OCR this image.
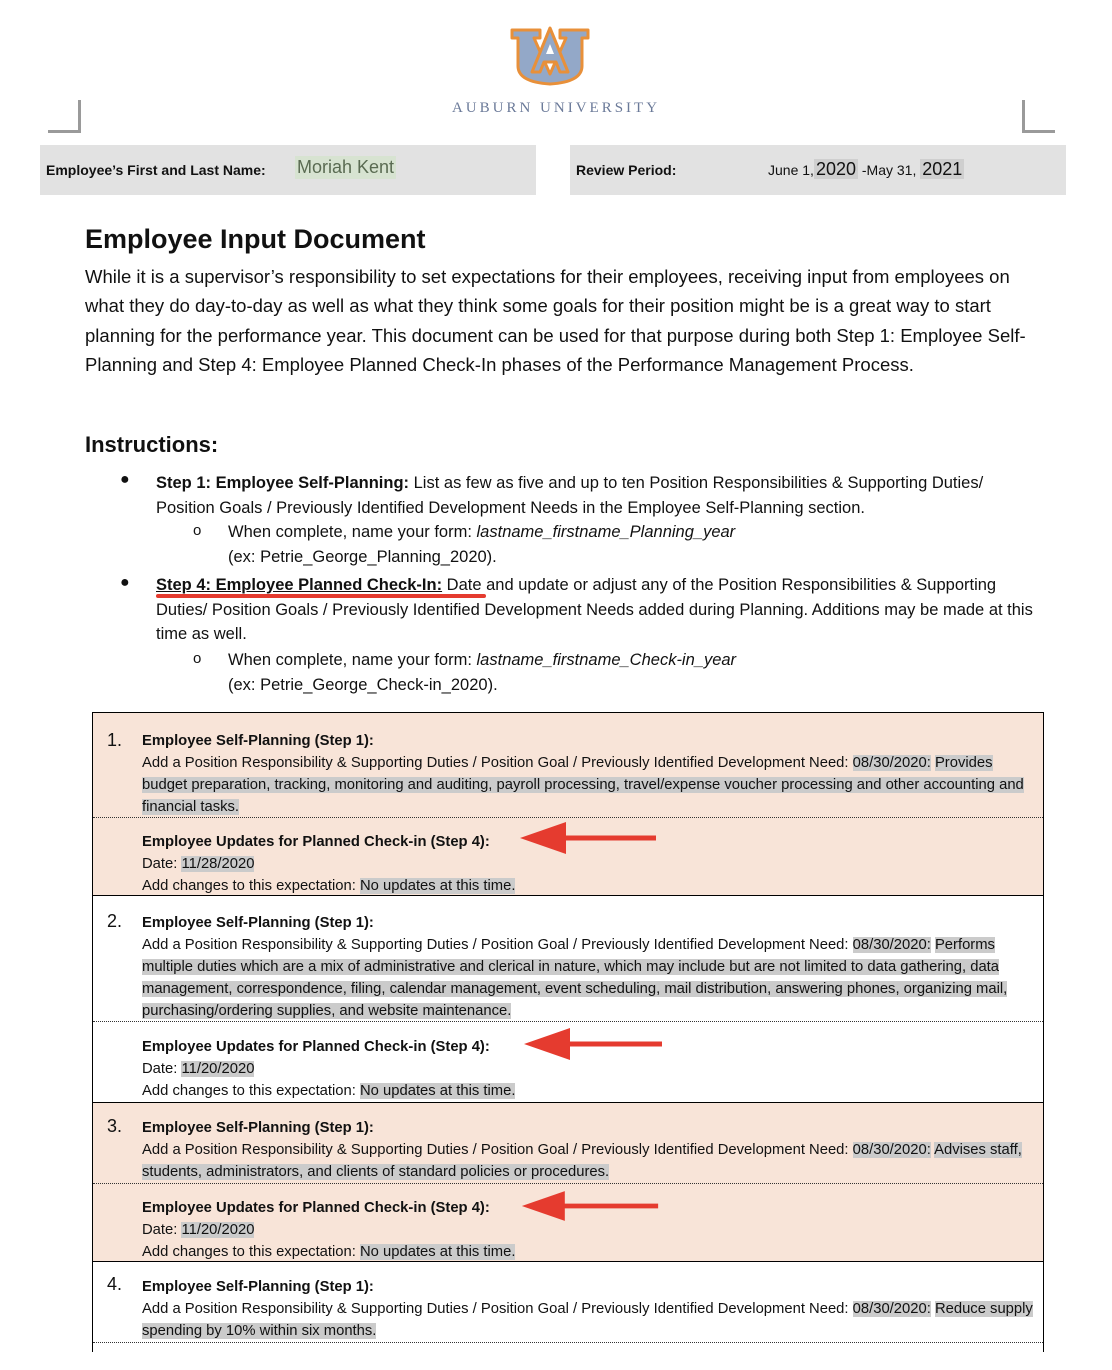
AUBURN UNIVERSITY
Employee’s First and Last Name: Moriah Kent	Review Period:	June 1, 2020 -May 31, 2021
Employee Input Document
While it is a supervisor’s responsibility to set expectations for their employees, receiving input from employees on what they do day-to-day as well as what they think some goals for their position might be is a great way to start planning for the performance year. This document can be used for that purpose during both Step 1: Employee Self-Planning and Step 4: Employee Planned Check-In phases of the Performance Management Process.
Instructions:
● Step 1: Employee Self-Planning: List as few as five and up to ten Position Responsibilities & Supporting Duties/ Position Goals / Previously Identified Development Needs in the Employee Self-Planning section.
o When complete, name your form: lastname_firstname_Planning_year
(ex: Petrie_George_Planning_2020).
● Step 4: Employee Planned Check-In: Date and update or adjust any of the Position Responsibilities & Supporting Duties/ Position Goals / Previously Identified Development Needs added during Planning. Additions may be made at this time as well.
o When complete, name your form: lastname_firstname_Check-in_year
(ex: Petrie_George_Check-in_2020).
1. Employee Self-Planning (Step 1):
Add a Position Responsibility & Supporting Duties / Position Goal / Previously Identified Development Need: 08/30/2020: Provides budget preparation, tracking, monitoring and auditing, payroll processing, travel/expense voucher processing and other accounting and financial tasks.
Employee Updates for Planned Check-in (Step 4):
Date: 11/28/2020
Add changes to this expectation: No updates at this time.
2. Employee Self-Planning (Step 1):
Add a Position Responsibility & Supporting Duties / Position Goal / Previously Identified Development Need: 08/30/2020: Performs multiple duties which are a mix of administrative and clerical in nature, which may include but are not limited to data gathering, data management, correspondence, filing, calendar management, event scheduling, mail distribution, answering phones, organizing mail, purchasing/ordering supplies, and website maintenance.
Employee Updates for Planned Check-in (Step 4):
Date: 11/20/2020
Add changes to this expectation: No updates at this time.
3. Employee Self-Planning (Step 1):
Add a Position Responsibility & Supporting Duties / Position Goal / Previously Identified Development Need: 08/30/2020: Advises staff, students, administrators, and clients of standard policies or procedures.
Employee Updates for Planned Check-in (Step 4):
Date: 11/20/2020
Add changes to this expectation: No updates at this time.
4. Employee Self-Planning (Step 1):
Add a Position Responsibility & Supporting Duties / Position Goal / Previously Identified Development Need: 08/30/2020: Reduce supply spending by 10% within six months.
